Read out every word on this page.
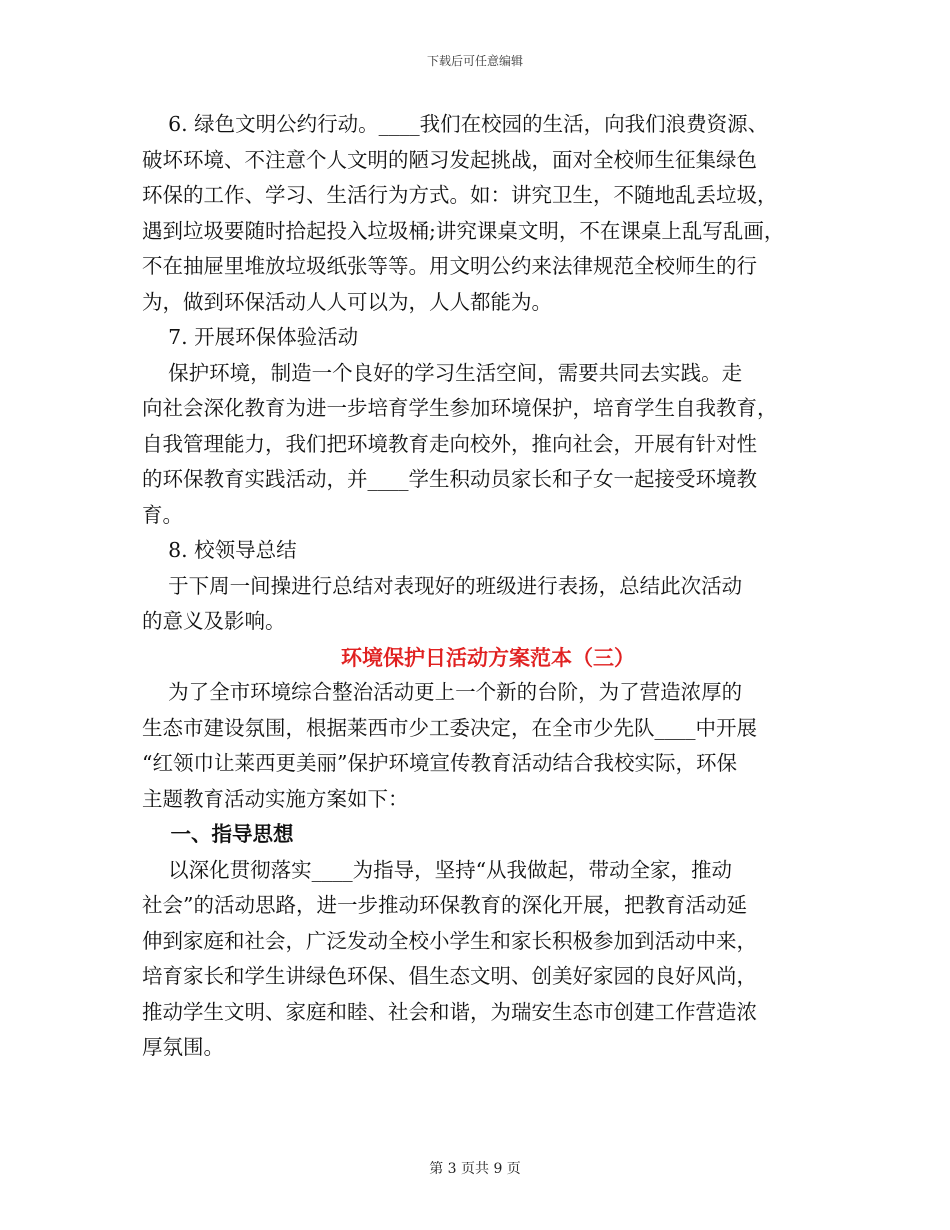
下载后可任意编辑
6. 绿色文明公约行动。____我们在校园的生活，向我们浪费资源、
破坏环境、不注意个人文明的陋习发起挑战，面对全校师生征集绿色
环保的工作、学习、生活行为方式。如：讲究卫生，不随地乱丢垃圾，
遇到垃圾要随时拾起投入垃圾桶;讲究课桌文明，不在课桌上乱写乱画，
不在抽屉里堆放垃圾纸张等等。用文明公约来法律规范全校师生的行
为，做到环保活动人人可以为，人人都能为。
7. 开展环保体验活动
保护环境，制造一个良好的学习生活空间，需要共同去实践。走
向社会深化教育为进一步培育学生参加环境保护，培育学生自我教育，
自我管理能力，我们把环境教育走向校外，推向社会，开展有针对性
的环保教育实践活动，并____学生积动员家长和子女一起接受环境教
育。
8. 校领导总结
于下周一间操进行总结对表现好的班级进行表扬，总结此次活动
的意义及影响。
环境保护日活动方案范本（三）
为了全市环境综合整治活动更上一个新的台阶，为了营造浓厚的
生态市建设氛围，根据莱西市少工委决定，在全市少先队____中开展
“红领巾让莱西更美丽”保护环境宣传教育活动结合我校实际，环保
主题教育活动实施方案如下：
一、指导思想
以深化贯彻落实____为指导，坚持“从我做起，带动全家，推动
社会”的活动思路，进一步推动环保教育的深化开展，把教育活动延
伸到家庭和社会，广泛发动全校小学生和家长积极参加到活动中来，
培育家长和学生讲绿色环保、倡生态文明、创美好家园的良好风尚，
推动学生文明、家庭和睦、社会和谐，为瑞安生态市创建工作营造浓
厚氛围。
第 3 页共 9 页
